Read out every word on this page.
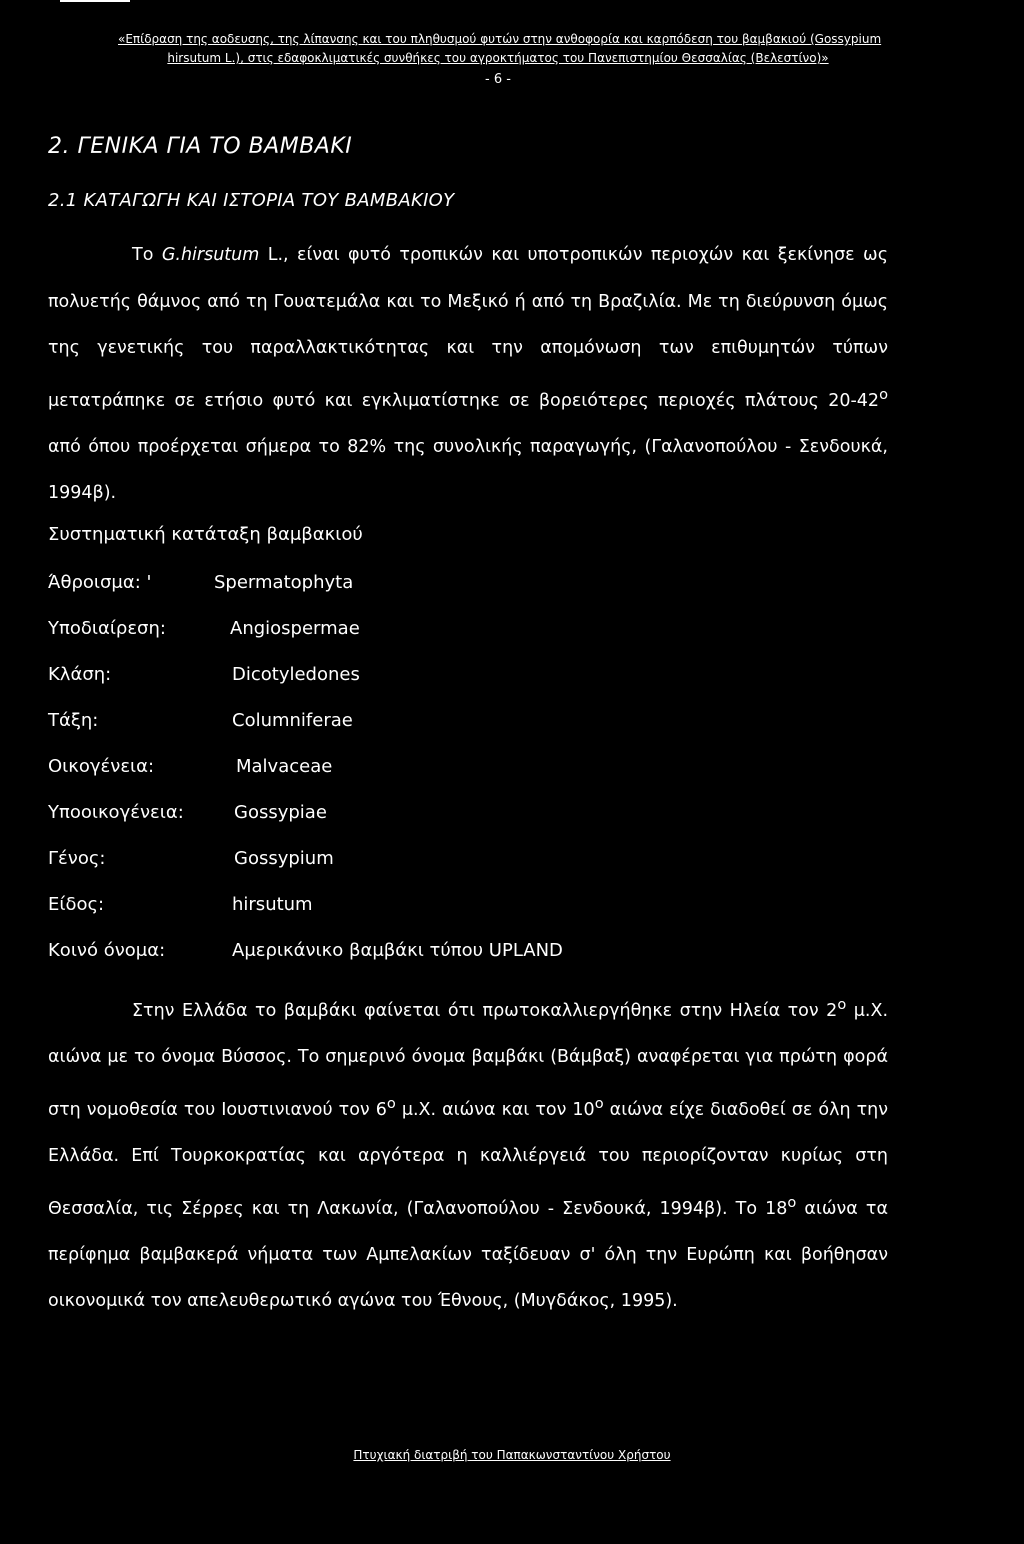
«Επίδραση της αοδευσης, της λίπανσης και του πληθυσμού φυτών στην ανθοφορία και καρπόδεση του βαμβακιού (Gossypium
hirsutum L.), στις εδαφοκλιματικές συνθήκες του αγροκτήματος του Πανεπιστημίου Θεσσαλίας (Βελεστίνο)»
- 6 -
2. ΓΕΝΙΚΑ ΓΙΑ ΤΟ ΒΑΜΒΑΚΙ
2.1 ΚΑΤΑΓΩΓΗ ΚΑΙ ΙΣΤΟΡΙΑ ΤΟΥ ΒΑΜΒΑΚΙΟΥ
Το G.hirsutum L., είναι φυτό τροπικών και υποτροπικών περιοχών και ξεκίνησε ως πολυετής θάμνος από τη Γουατεμάλα και το Μεξικό ή από τη Βραζιλία. Με τη διεύρυνση όμως της γενετικής του παραλλακτικότητας και την απομόνωση των επιθυμητών τύπων μετατράπηκε σε ετήσιο φυτό και εγκλιματίστηκε σε βορειότερες περιοχές πλάτους $20-42^o$ από όπου προέρχεται σήμερα το 82% της συνολικής παραγωγής, (Γαλανοπούλου - Σενδουκά, 1994β).
Συστηματική κατάταξη βαμβακιού
Άθροισμα: '	Spermatophyta
Υποδιαίρεση:	Angiospermae
Κλάση:	Dicotyledones
Τάξη:	Columniferae
Οικογένεια:	Malvaceae
Υποοικογένεια:	Gossypiae
Γένος:	Gossypium
Είδος:	hirsutum
Κοινό όνομα:	Αμερικάνικο βαμβάκι τύπου UPLAND
Στην Ελλάδα το βαμβάκι φαίνεται ότι πρωτοκαλλιεργήθηκε στην Ηλεία τον $2^o$ μ.Χ. αιώνα με το όνομα Βύσσος. Το σημερινό όνομα βαμβάκι (Βάμβαξ) αναφέρεται για πρώτη φορά στη νομοθεσία του Ιουστινιανού τον $6^o$ μ.Χ. αιώνα και τον $10^o$ αιώνα είχε διαδοθεί σε όλη την Ελλάδα. Επί Τουρκοκρατίας και αργότερα η καλλιέργειά του περιορίζονταν κυρίως στη Θεσσαλία, τις Σέρρες και τη Λακωνία, (Γαλανοπούλου - Σενδουκά, 1994β). Το $18^o$ αιώνα τα περίφημα βαμβακερά νήματα των Αμπελακίων ταξίδευαν σ' όλη την Ευρώπη και βοήθησαν οικονομικά τον απελευθερωτικό αγώνα του Έθνους, (Μυγδάκος, 1995).
Πτυχιακή διατριβή του Παπακωνσταντίνου Χρήστου
